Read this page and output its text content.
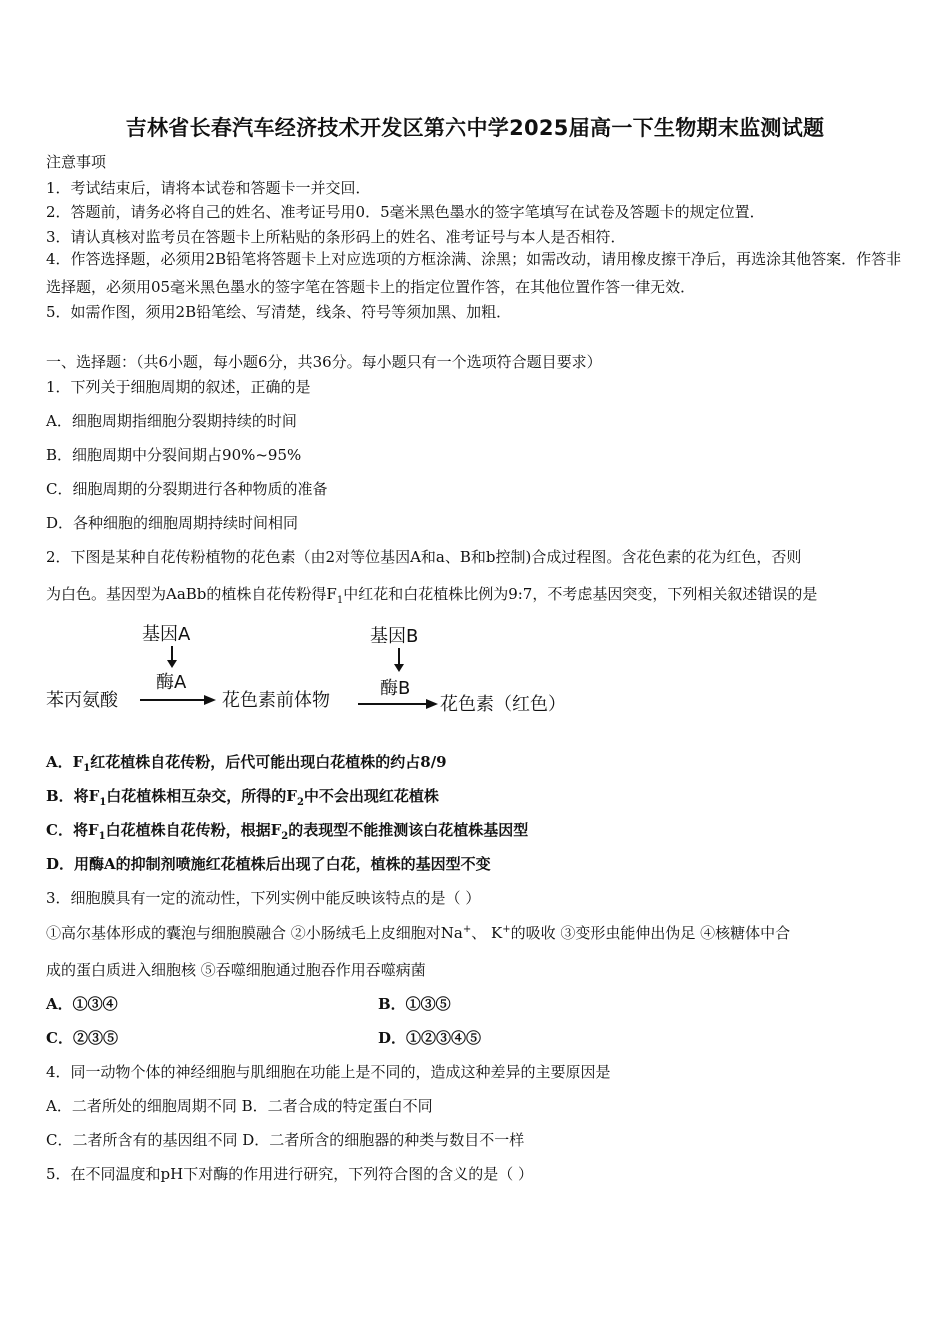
吉林省长春汽车经济技术开发区第六中学2025届高一下生物期末监测试题
注意事项
1．考试结束后，请将本试卷和答题卡一并交回．
2．答题前，请务必将自己的姓名、准考证号用0．5毫米黑色墨水的签字笔填写在试卷及答题卡的规定位置．
3．请认真核对监考员在答题卡上所粘贴的条形码上的姓名、准考证号与本人是否相符．
4．作答选择题，必须用2B铅笔将答题卡上对应选项的方框涂满、涂黑；如需改动，请用橡皮擦干净后，再选涂其他答案．作答非选择题，必须用05毫米黑色墨水的签字笔在答题卡上的指定位置作答，在其他位置作答一律无效．
5．如需作图，须用2B铅笔绘、写清楚，线条、符号等须加黑、加粗．
一、选择题：（共6小题，每小题6分，共36分。每小题只有一个选项符合题目要求）
1．下列关于细胞周期的叙述，正确的是
A．细胞周期指细胞分裂期持续的时间
B．细胞周期中分裂间期占90%~95%
C．细胞周期的分裂期进行各种物质的准备
D．各种细胞的细胞周期持续时间相同
2．下图是某种自花传粉植物的花色素（由2对等位基因A和a、B和b控制)合成过程图。含花色素的花为红色，否则
为白色。基因型为AaBb的植株自花传粉得$F_1$中红花和白花植株比例为9:7，不考虑基因突变，下列相关叙述错误的是
基因A
酶A
苯丙氨酸	花色素前体物
基因B
酶B
花色素（红色）
A．$F_1$红花植株自花传粉，后代可能出现白花植株的约占8/9
B．将$F_1$白花植株相互杂交，所得的$F_2$中不会出现红花植株
C．将$F_1$白花植株自花传粉，根据$F_2$的表现型不能推测该白花植株基因型
D．用酶A的抑制剂喷施红花植株后出现了白花，植株的基因型不变
3．细胞膜具有一定的流动性，下列实例中能反映该特点的是（ ）
①高尔基体形成的囊泡与细胞膜融合 ②小肠绒毛上皮细胞对Na+、 K+的吸收 ③变形虫能伸出伪足 ④核糖体中合
成的蛋白质进入细胞核 ⑤吞噬细胞通过胞吞作用吞噬病菌
A．①③④	B．①③⑤
C．②③⑤	D．①②③④⑤
4．同一动物个体的神经细胞与肌细胞在功能上是不同的，造成这种差异的主要原因是
A．二者所处的细胞周期不同 B．二者合成的特定蛋白不同
C．二者所含有的基因组不同 D．二者所含的细胞器的种类与数目不一样
5．在不同温度和pH下对酶的作用进行研究，下列符合图的含义的是（ ）
